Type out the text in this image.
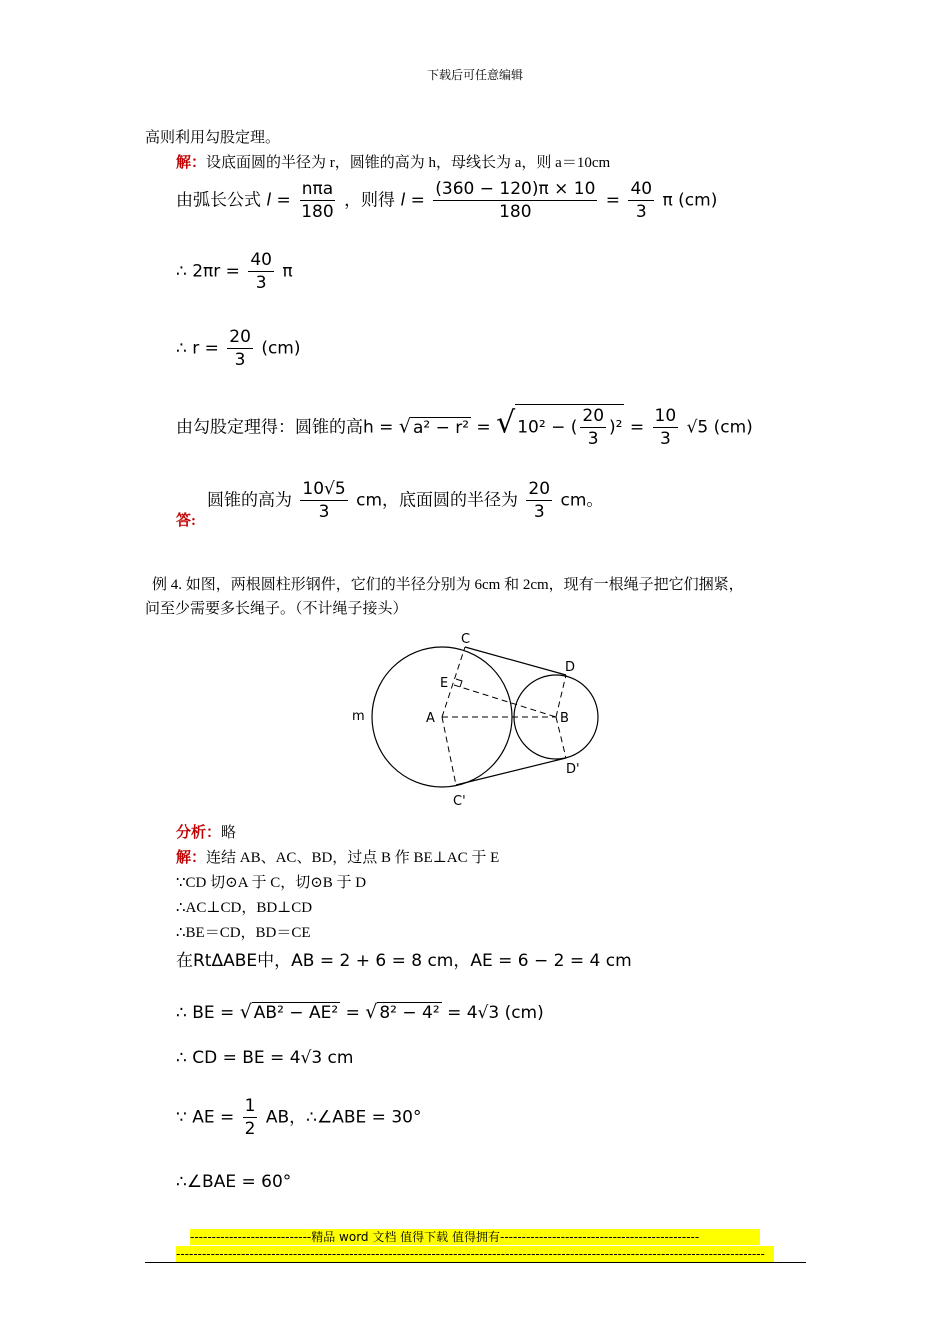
下载后可任意编辑
高则利用勾股定理。
解：设底面圆的半径为 r，圆锥的高为 h，母线长为 a，则 a＝10cm
由弧长公式 $l = \frac{\text{nπa}}{180}$ ，则得 $l = \frac{(360 - 120)\pi \times 10}{180} = \frac{40}{3}$ π (cm)
∴ $2\pi r = \frac{40}{3}$ π
∴ $r = \frac{20}{3} (cm)$
由勾股定理得：圆锥的高h = √ a² − r² = √ 10² − ( $\frac{20}{3} )^2 = \frac{10}{3} √5$ (cm)
答:
圆锥的高为 $\frac{10√5}{3}$ cm，底面圆的半径为 $\frac{20}{3}$ cm。
例 4. 如图，两根圆柱形钢件，它们的半径分别为 6cm 和 2cm，现有一根绳子把它们捆紧，
问至少需要多长绳子。（不计绳子接头）
C
D
E
A	B
m
D'
C'
分析：略
解：连结 AB、AC、BD，过点 B 作 BE⊥AC 于 E
∵CD 切⊙A 于 C，切⊙B 于 D
∴AC⊥CD，BD⊥CD
∴BE＝CD，BD＝CE
在RtΔABE中，AB = 2 + 6 = 8 cm，AE = 6 − 2 = 4 cm
∴ BE = √ AB² − AE² = √ 8² − 4² = 4√3 (cm)
∴ CD = BE = 4√3 cm
∵ AE = $\frac{1}{2}$ AB，∴∠ABE = 30°
∴∠BAE = 60°
----------------------------精品 word 文档 值得下载 值得拥有----------------------------------------------
----------------------------------------------------------------------------------------------------------------------------------------
